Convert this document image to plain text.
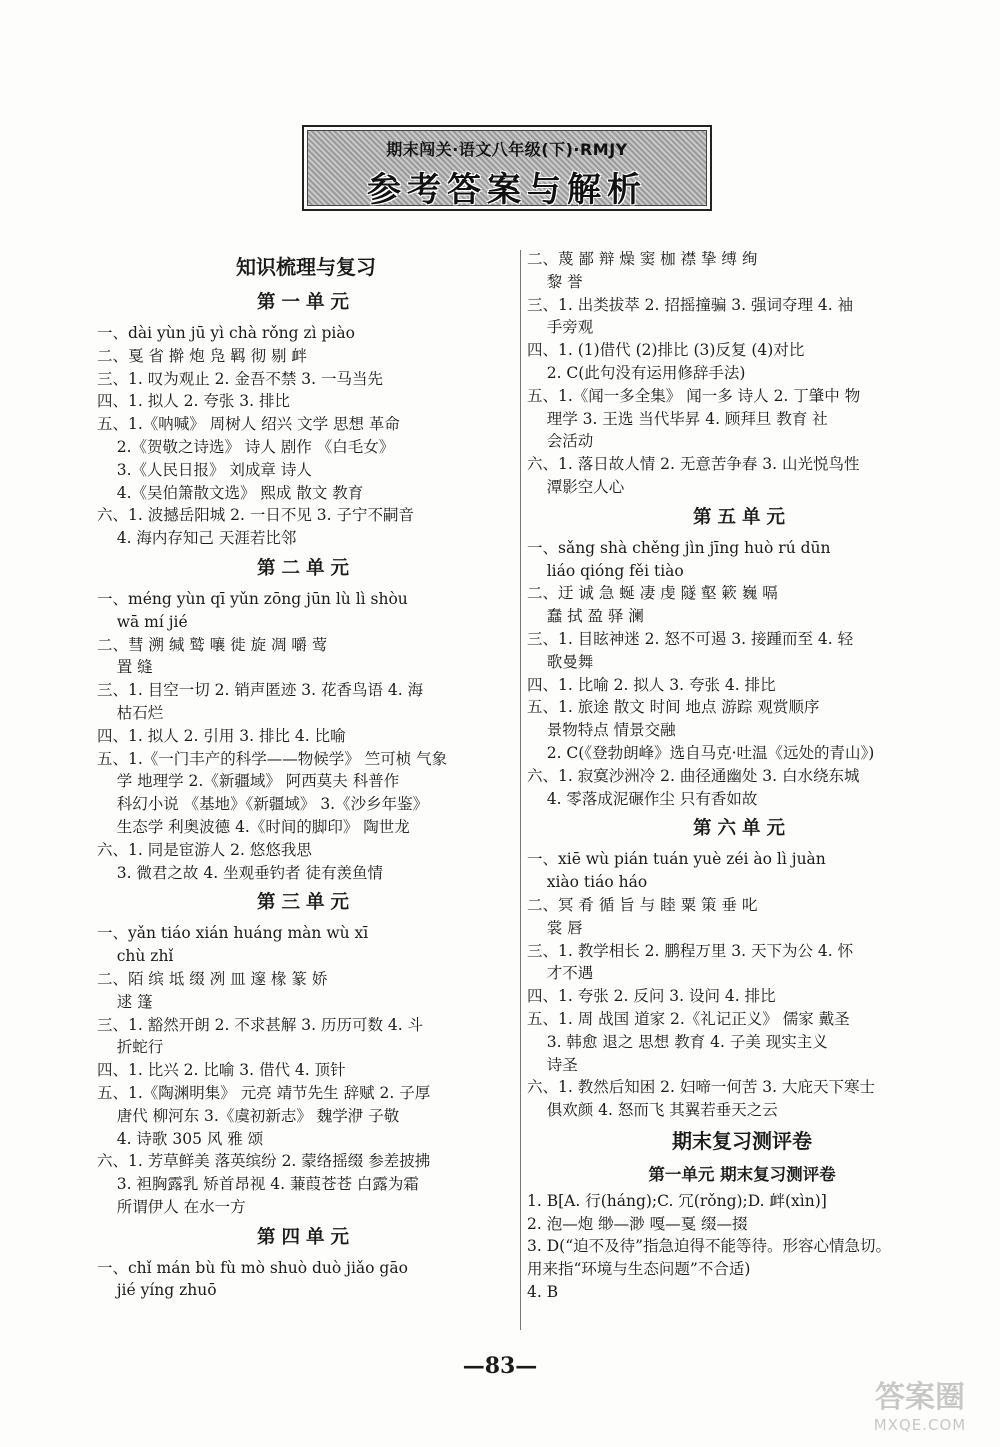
期末闯关·语文八年级(下)·RMJY
参考答案与解析
知识梳理与复习
第一单元
一、dài yùn jū yì chà rǒng zì piào
二、戛 省 擀 炮 凫 羁 彻 剔 衅
三、1. 叹为观止 2. 金吾不禁 3. 一马当先
四、1. 拟人 2. 夸张 3. 排比
五、1.《呐喊》 周树人 绍兴 文学 思想 革命
2.《贺敬之诗选》 诗人 剧作 《白毛女》
3.《人民日报》 刘成章 诗人
4.《吴伯箫散文选》 熙成 散文 教育
六、1. 波撼岳阳城 2. 一日不见 3. 子宁不嗣音
4. 海内存知己 天涯若比邻
第二单元
一、méng yùn qī yǔn zōng jūn lù lì shòu
wā mí jié
二、彗 溯 缄 鹫 嚷 徙 旋 凋 嚼 莺
置 缝
三、1. 目空一切 2. 销声匿迹 3. 花香鸟语 4. 海
枯石烂
四、1. 拟人 2. 引用 3. 排比 4. 比喻
五、1.《一门丰产的科学——物候学》 竺可桢 气象
学 地理学 2.《新疆域》 阿西莫夫 科普作
科幻小说 《基地》《新疆域》 3.《沙乡年鉴》
生态学 利奥波德 4.《时间的脚印》 陶世龙
六、1. 同是宦游人 2. 悠悠我思
3. 微君之故 4. 坐观垂钓者 徒有羡鱼情
第三单元
一、yǎn tiáo xián huáng màn wù xī
chù zhǐ
二、陌 缤 坻 缀 冽 皿 邃 椽 篆 娇
逑 篷
三、1. 豁然开朗 2. 不求甚解 3. 历历可数 4. 斗
折蛇行
四、1. 比兴 2. 比喻 3. 借代 4. 顶针
五、1.《陶渊明集》 元亮 靖节先生 辞赋 2. 子厚
唐代 柳河东 3.《虞初新志》 魏学洢 子敬
4. 诗歌 305 风 雅 颂
六、1. 芳草鲜美 落英缤纷 2. 蒙络摇缀 参差披拂
3. 袒胸露乳 矫首昂视 4. 蒹葭苍苍 白露为霜
所谓伊人 在水一方
第四单元
一、chǐ mán bù fù mò shuò duò jiǎo gāo
jié yíng zhuō
二、蔑 鄙 辩 燥 窦 枷 襟 挚 缚 绚
黎 誉
三、1. 出类拔萃 2. 招摇撞骗 3. 强词夺理 4. 袖
手旁观
四、1. (1)借代 (2)排比 (3)反复 (4)对比
2. C(此句没有运用修辞手法)
五、1.《闻一多全集》 闻一多 诗人 2. 丁肇中 物
理学 3. 王选 当代毕昇 4. 顾拜旦 教育 社
会活动
六、1. 落日故人情 2. 无意苦争春 3. 山光悦鸟性
潭影空人心
第五单元
一、sǎng shà chěng jìn jīng huò rú dūn
liáo qióng fěi tiào
二、迂 诚 急 蜒 凄 虔 隧 壑 簌 巍 嗝
蠢 拭 盈 驿 澜
三、1. 目眩神迷 2. 怒不可遏 3. 接踵而至 4. 轻
歌曼舞
四、1. 比喻 2. 拟人 3. 夸张 4. 排比
五、1. 旅途 散文 时间 地点 游踪 观赏顺序
景物特点 情景交融
2. C(《登勃朗峰》选自马克·吐温《远处的青山》)
六、1. 寂寞沙洲冷 2. 曲径通幽处 3. 白水绕东城
4. 零落成泥碾作尘 只有香如故
第六单元
一、xiē wù pián tuán yuè zéi ào lì juàn
xiào tiáo háo
二、冥 肴 循 旨 与 睦 粟 策 垂 叱
裳 唇
三、1. 教学相长 2. 鹏程万里 3. 天下为公 4. 怀
才不遇
四、1. 夸张 2. 反问 3. 设问 4. 排比
五、1. 周 战国 道家 2.《礼记正义》 儒家 戴圣
3. 韩愈 退之 思想 教育 4. 子美 现实主义
诗圣
六、1. 教然后知困 2. 妇啼一何苦 3. 大庇天下寒士
俱欢颜 4. 怒而飞 其翼若垂天之云
期末复习测评卷
第一单元 期末复习测评卷
1. B[A. 行(háng);C. 冗(rǒng);D. 衅(xìn)]
2. 泡—炮 缈—渺 嘎—戛 缀—掇
3. D(“迫不及待”指急迫得不能等待。形容心情急切。
用来指“环境与生态问题”不合适)
4. B
—83—
答案圈
MXQE.COM
